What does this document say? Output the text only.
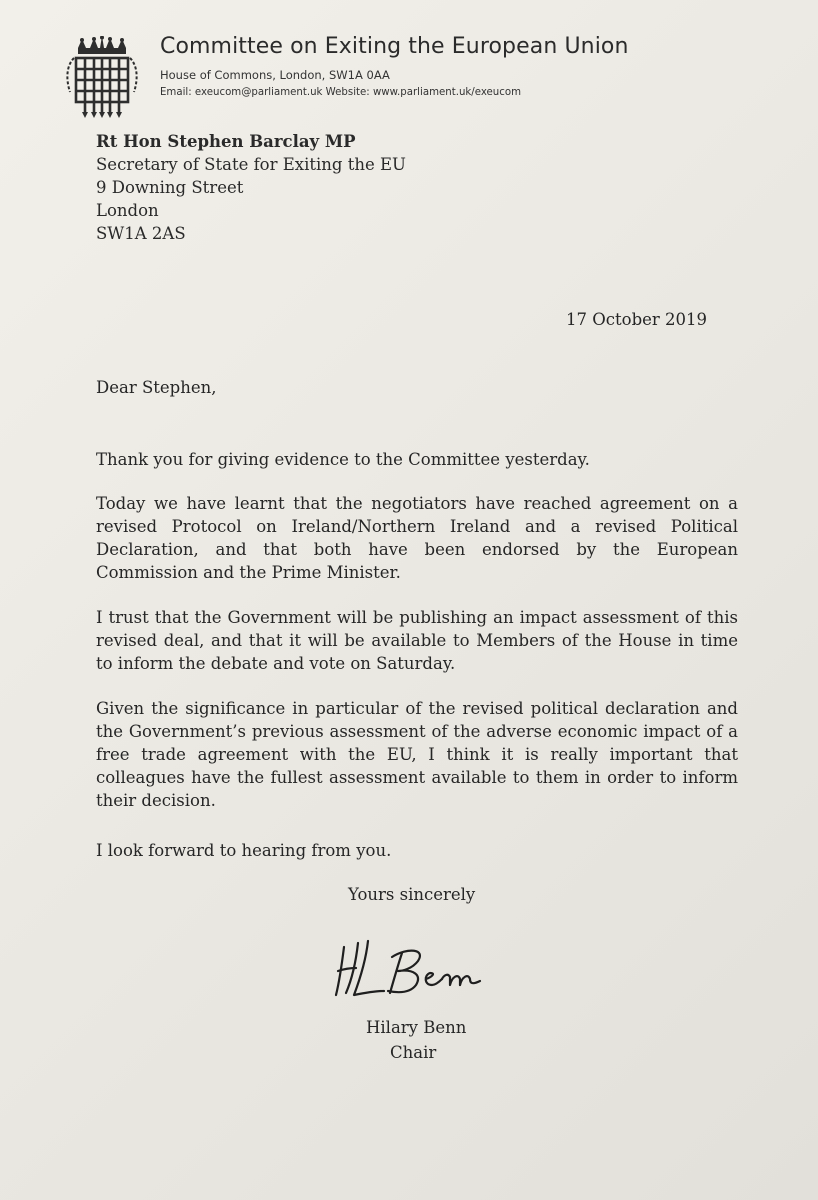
Committee on Exiting the European Union
House of Commons, London, SW1A 0AA
Email: exeucom@parliament.uk Website: www.parliament.uk/exeucom
Rt Hon Stephen Barclay MP
Secretary of State for Exiting the EU
9 Downing Street
London
SW1A 2AS
17 October 2019
Dear Stephen,
Thank you for giving evidence to the Committee yesterday.
Today we have learnt that the negotiators have reached agreement on a revised Protocol on Ireland/Northern Ireland and a revised Political Declaration, and that both have been endorsed by the European Commission and the Prime Minister.
I trust that the Government will be publishing an impact assessment of this revised deal, and that it will be available to Members of the House in time to inform the debate and vote on Saturday.
Given the significance in particular of the revised political declaration and the Government’s previous assessment of the adverse economic impact of a free trade agreement with the EU, I think it is really important that colleagues have the fullest assessment available to them in order to inform their decision.
I look forward to hearing from you.
Yours sincerely
Hilary Benn
Chair
